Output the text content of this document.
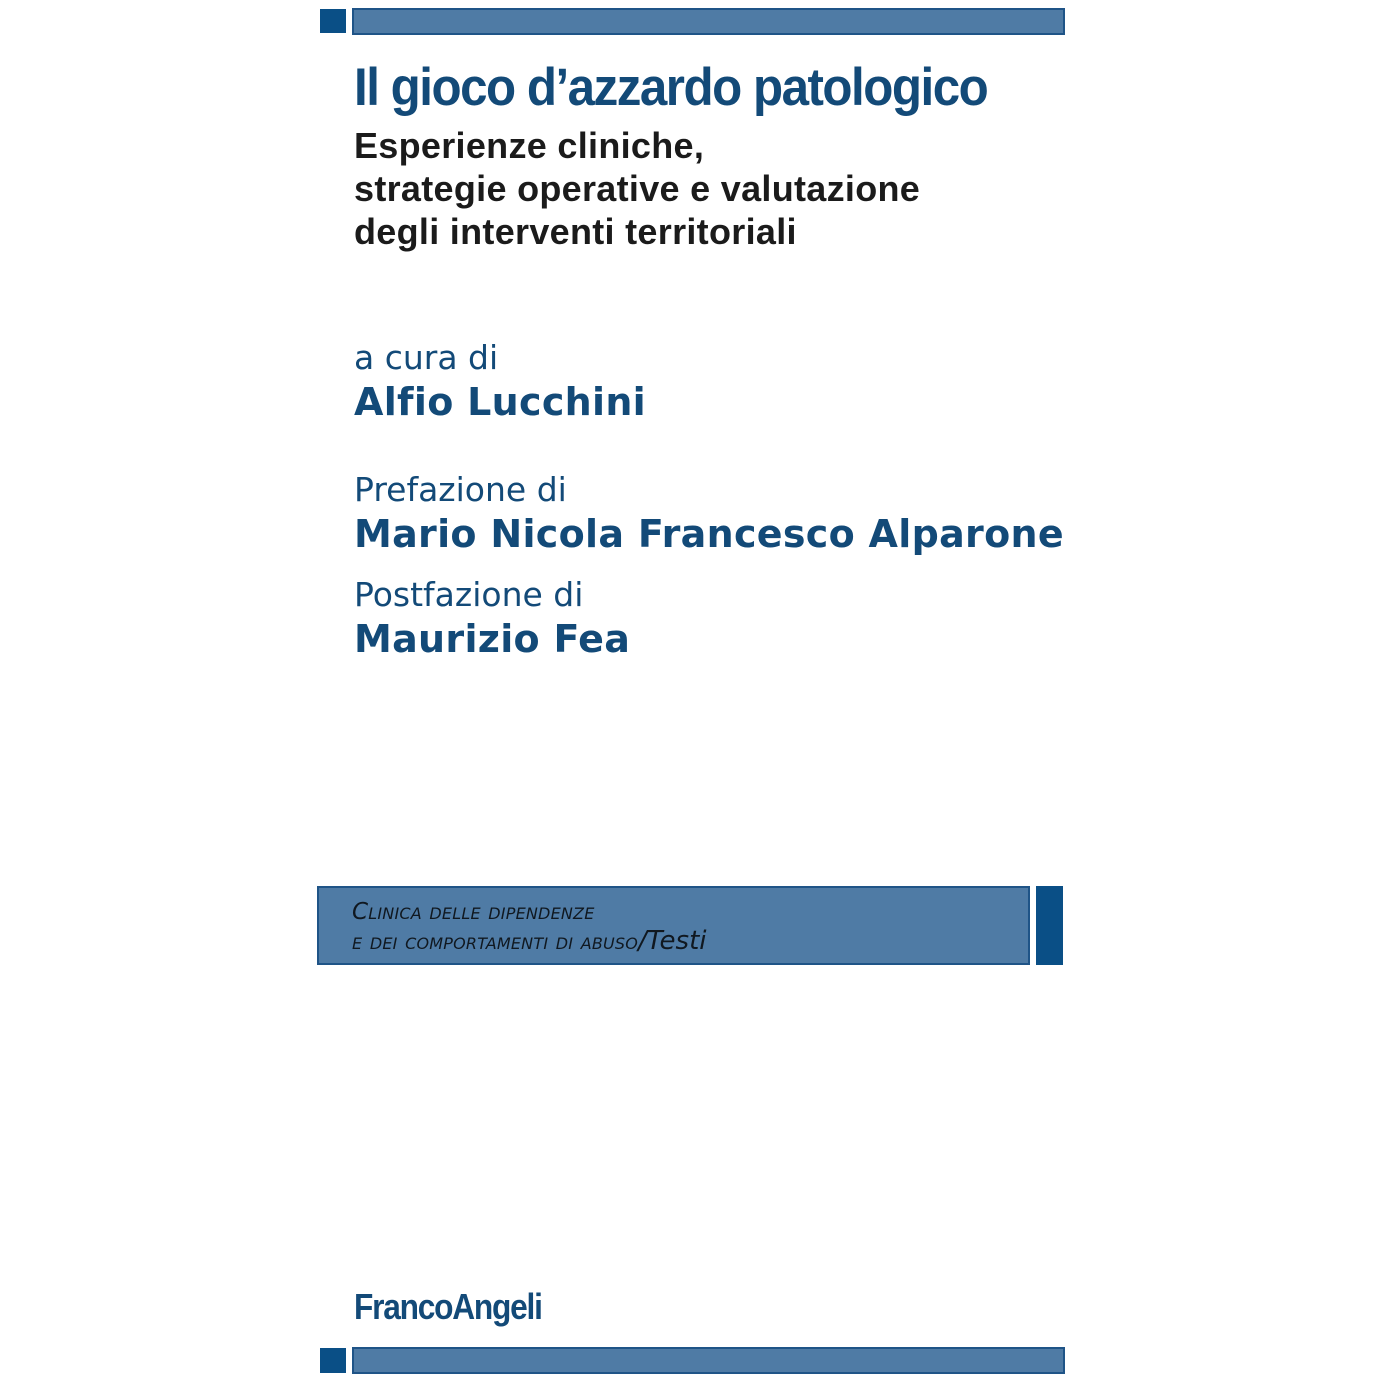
Il gioco d’azzardo patologico
Esperienze cliniche,
strategie operative e valutazione
degli interventi territoriali
a cura di
Alfio Lucchini
Prefazione di
Mario Nicola Francesco Alparone
Postfazione di
Maurizio Fea
Clinica delle dipendenze
e dei comportamenti di abuso/Testi
FrancoAngeli
